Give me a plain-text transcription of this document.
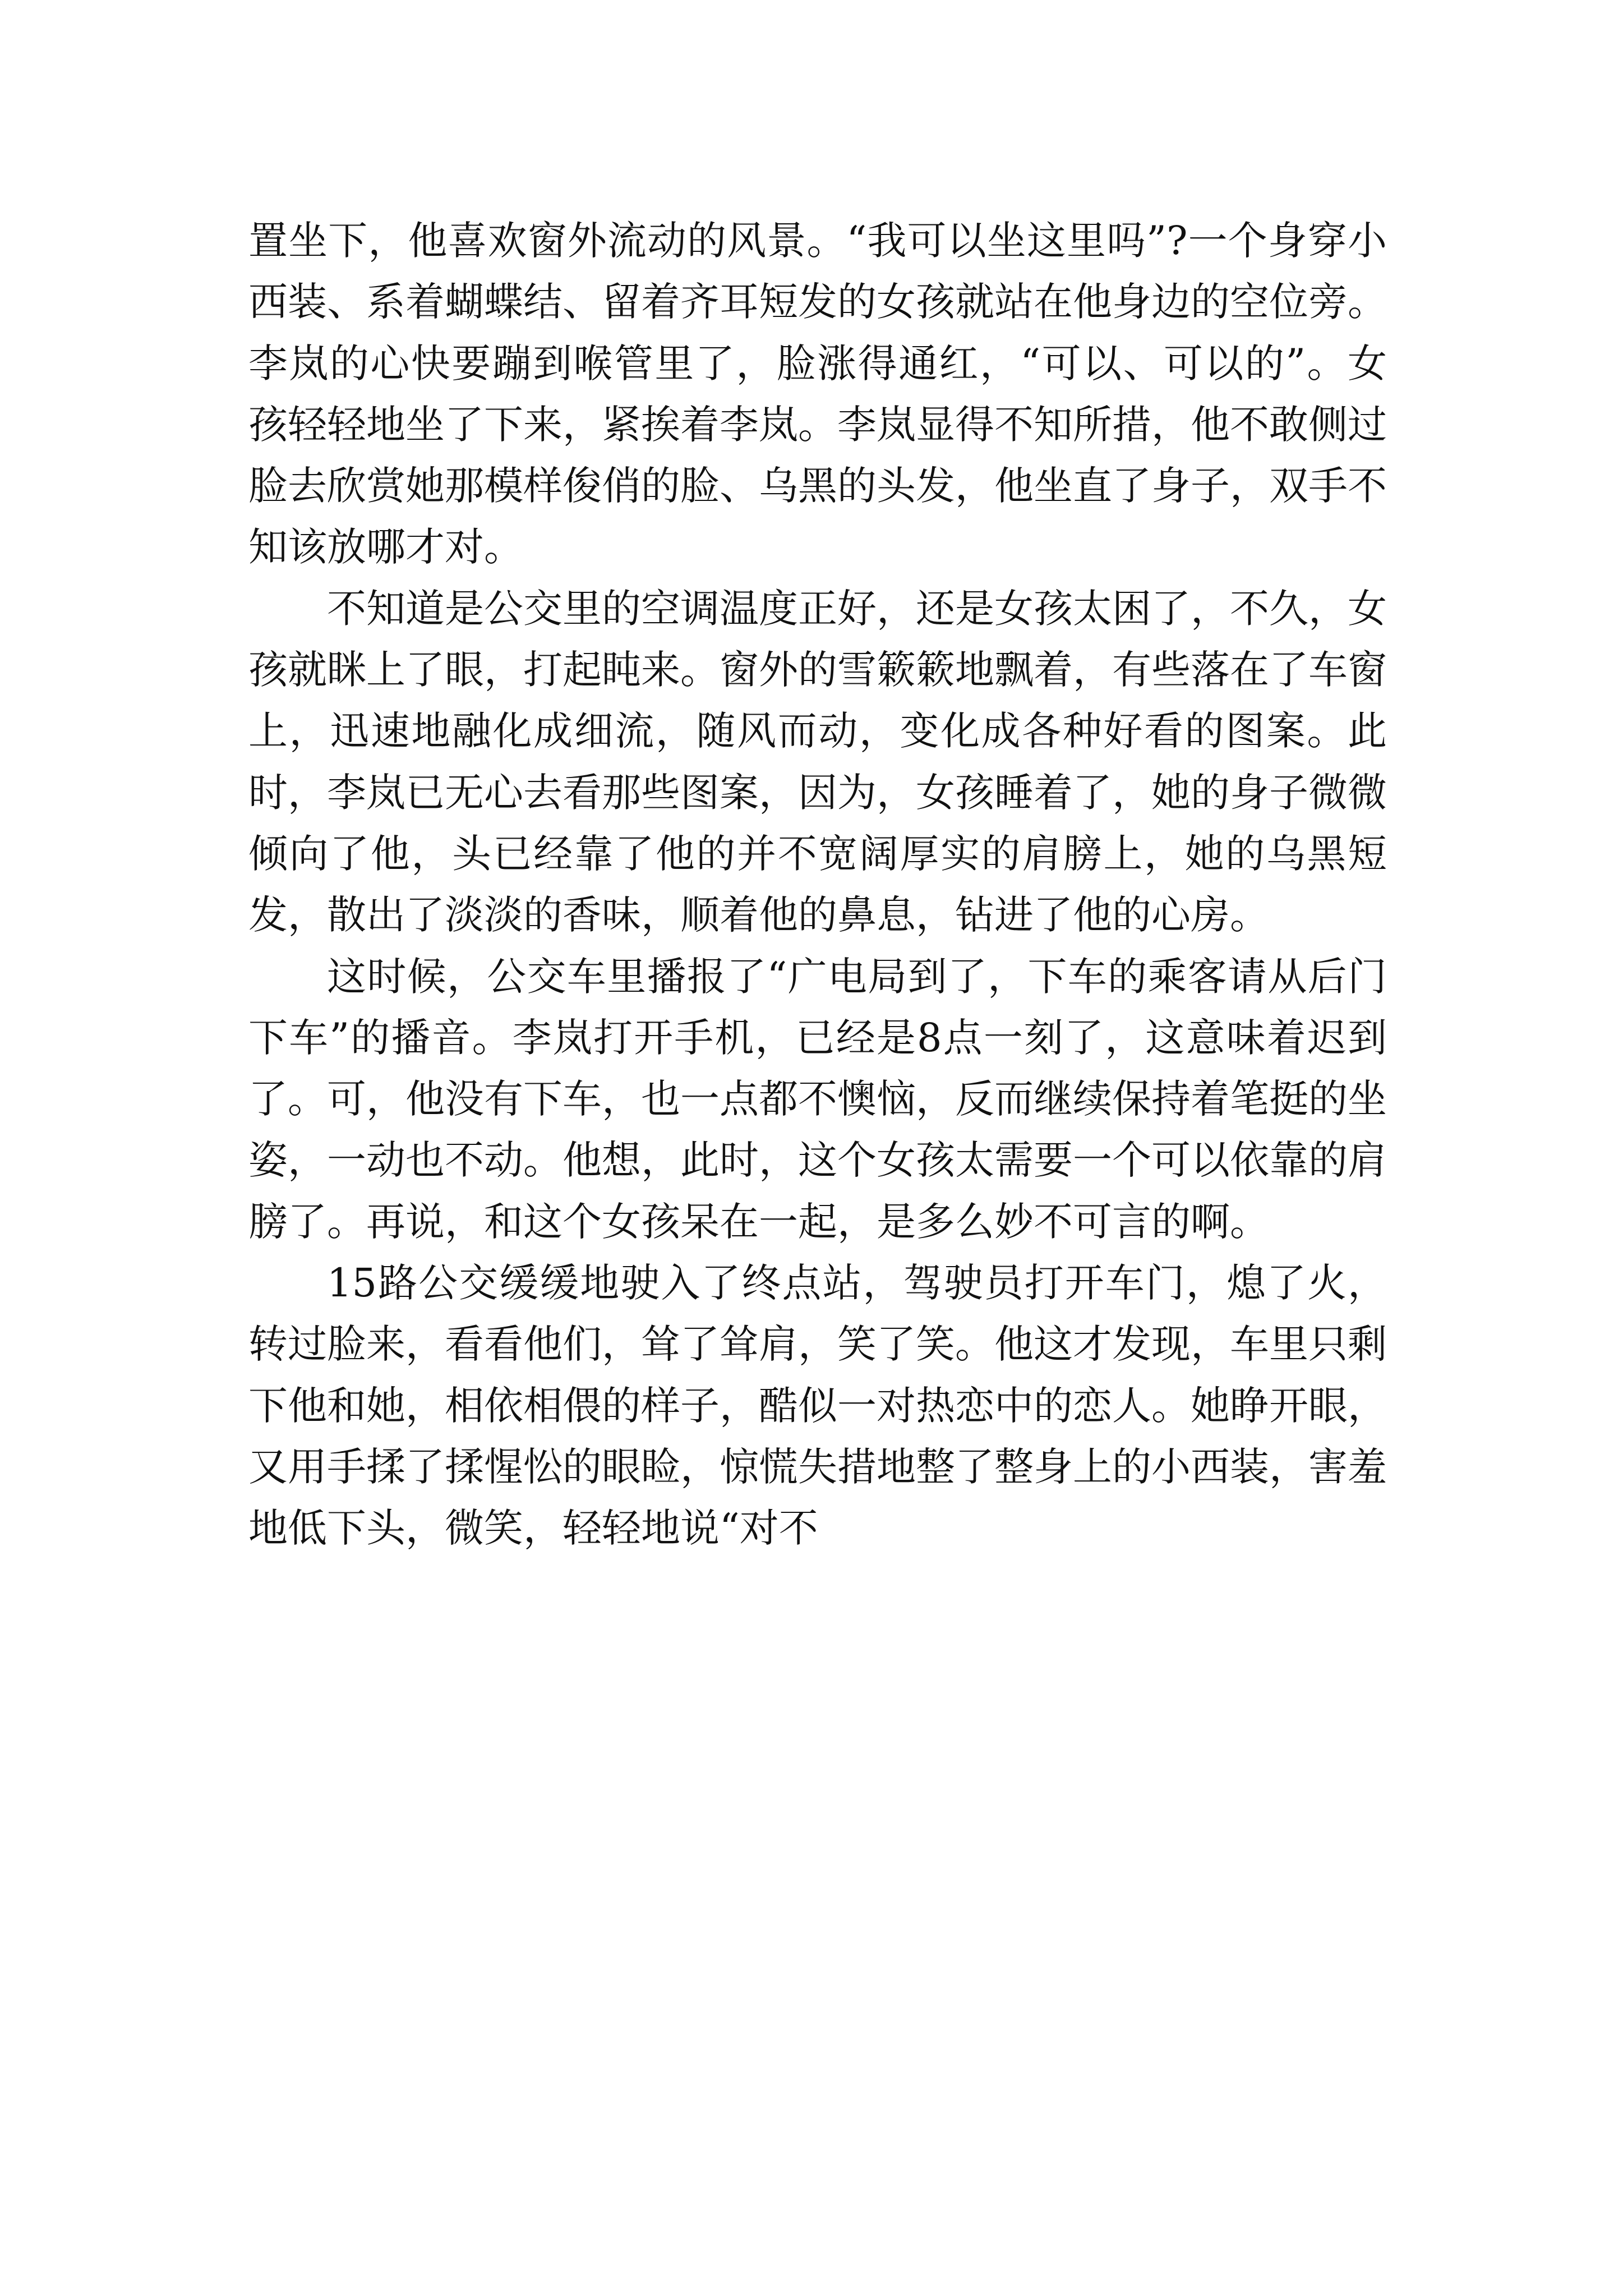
置坐下，他喜欢窗外流动的风景。“我可以坐这里吗”?一个身穿小西装、系着蝴蝶结、留着齐耳短发的女孩就站在他身边的空位旁。李岚的心快要蹦到喉管里了，脸涨得通红，“可以、可以的”。女孩轻轻地坐了下来，紧挨着李岚。李岚显得不知所措，他不敢侧过脸去欣赏她那模样俊俏的脸、乌黑的头发，他坐直了身子，双手不知该放哪才对。

不知道是公交里的空调温度正好，还是女孩太困了，不久，女孩就眯上了眼，打起盹来。窗外的雪簌簌地飘着，有些落在了车窗上，迅速地融化成细流，随风而动，变化成各种好看的图案。此时，李岚已无心去看那些图案，因为，女孩睡着了，她的身子微微倾向了他，头已经靠了他的并不宽阔厚实的肩膀上，她的乌黑短发，散出了淡淡的香味，顺着他的鼻息，钻进了他的心房。

这时候，公交车里播报了“广电局到了，下车的乘客请从后门下车”的播音。李岚打开手机，已经是8点一刻了，这意味着迟到了。可，他没有下车，也一点都不懊恼，反而继续保持着笔挺的坐姿，一动也不动。他想，此时，这个女孩太需要一个可以依靠的肩膀了。再说，和这个女孩呆在一起，是多么妙不可言的啊。

15路公交缓缓地驶入了终点站，驾驶员打开车门，熄了火，转过脸来，看看他们，耸了耸肩，笑了笑。他这才发现，车里只剩下他和她，相依相偎的样子，酷似一对热恋中的恋人。她睁开眼，又用手揉了揉惺忪的眼睑，惊慌失措地整了整身上的小西装，害羞地低下头，微笑，轻轻地说“对不
